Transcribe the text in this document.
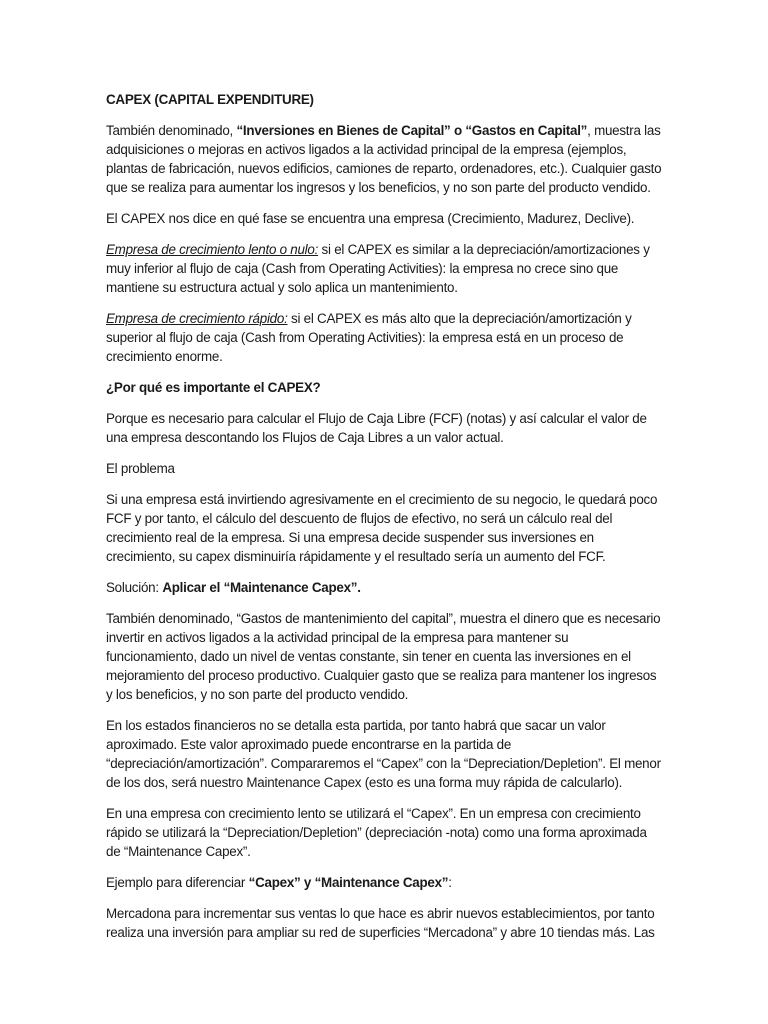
CAPEX (CAPITAL EXPENDITURE)

También denominado, “Inversiones en Bienes de Capital” o “Gastos en Capital”, muestra las adquisiciones o mejoras en activos ligados a la actividad principal de la empresa (ejemplos, plantas de fabricación, nuevos edificios, camiones de reparto, ordenadores, etc.). Cualquier gasto que se realiza para aumentar los ingresos y los beneficios, y no son parte del producto vendido.

El CAPEX nos dice en qué fase se encuentra una empresa (Crecimiento, Madurez, Declive).

Empresa de crecimiento lento o nulo: si el CAPEX es similar a la depreciación/amortizaciones y muy inferior al flujo de caja (Cash from Operating Activities): la empresa no crece sino que mantiene su estructura actual y solo aplica un mantenimiento.

Empresa de crecimiento rápido: si el CAPEX es más alto que la depreciación/amortización y superior al flujo de caja (Cash from Operating Activities): la empresa está en un proceso de crecimiento enorme.

¿Por qué es importante el CAPEX?

Porque es necesario para calcular el Flujo de Caja Libre (FCF) (notas) y así calcular el valor de una empresa descontando los Flujos de Caja Libres a un valor actual.

El problema

Si una empresa está invirtiendo agresivamente en el crecimiento de su negocio, le quedará poco FCF y por tanto, el cálculo del descuento de flujos de efectivo, no será un cálculo real del crecimiento real de la empresa. Si una empresa decide suspender sus inversiones en crecimiento, su capex disminuiría rápidamente y el resultado sería un aumento del FCF.

Solución: Aplicar el “Maintenance Capex”.

También denominado, “Gastos de mantenimiento del capital”, muestra el dinero que es necesario invertir en activos ligados a la actividad principal de la empresa para mantener su funcionamiento, dado un nivel de ventas constante, sin tener en cuenta las inversiones en el mejoramiento del proceso productivo. Cualquier gasto que se realiza para mantener los ingresos y los beneficios, y no son parte del producto vendido.

En los estados financieros no se detalla esta partida, por tanto habrá que sacar un valor aproximado. Este valor aproximado puede encontrarse en la partida de “depreciación/amortización”. Compararemos el “Capex” con la “Depreciation/Depletion”. El menor de los dos, será nuestro Maintenance Capex (esto es una forma muy rápida de calcularlo).

En una empresa con crecimiento lento se utilizará el “Capex”. En un empresa con crecimiento rápido se utilizará la “Depreciation/Depletion” (depreciación -nota) como una forma aproximada de “Maintenance Capex”.

Ejemplo para diferenciar “Capex” y “Maintenance Capex”:

Mercadona para incrementar sus ventas lo que hace es abrir nuevos establecimientos, por tanto realiza una inversión para ampliar su red de superficies “Mercadona” y abre 10 tiendas más. Las
